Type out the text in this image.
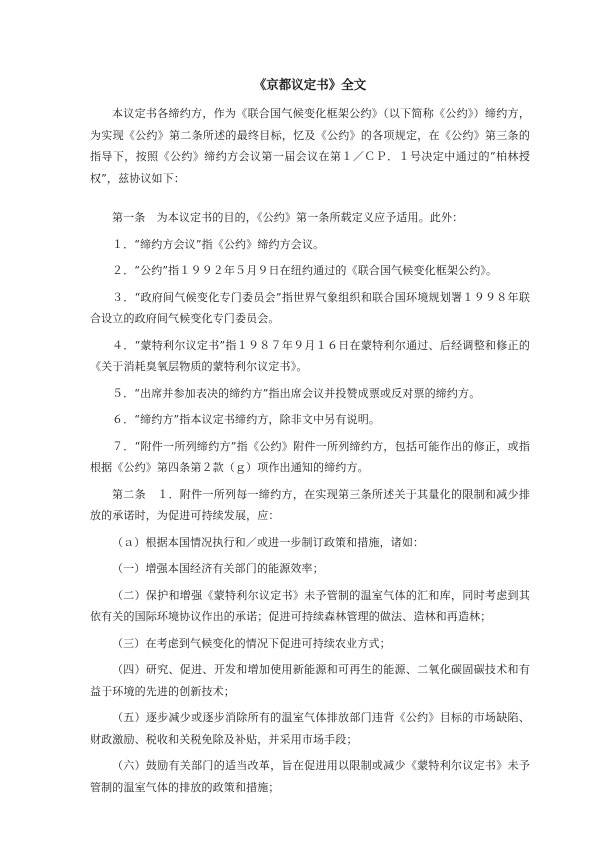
《京都议定书》全文

本议定书各缔约方，作为《联合国气候变化框架公约》（以下简称《公约》）缔约方，为实现《公约》第二条所述的最终目标，忆及《公约》的各项规定，在《公约》第三条的指导下，按照《公约》缔约方会议第一届会议在第１／ＣＰ．１号决定中通过的“柏林授权”，兹协议如下：

第一条　为本议定书的目的，《公约》第一条所载定义应予适用。此外：

１．“缔约方会议”指《公约》缔约方会议。

２．“公约”指１９９２年５月９日在纽约通过的《联合国气候变化框架公约》。

３．“政府间气候变化专门委员会”指世界气象组织和联合国环境规划署１９９８年联合设立的政府间气候变化专门委员会。

４．“蒙特利尔议定书”指１９８７年９月１６日在蒙特利尔通过、后经调整和修正的《关于消耗臭氧层物质的蒙特利尔议定书》。

５．“出席并参加表决的缔约方”指出席会议并投赞成票或反对票的缔约方。

６．“缔约方”指本议定书缔约方，除非文中另有说明。

７．“附件一所列缔约方”指《公约》附件一所列缔约方，包括可能作出的修正，或指根据《公约》第四条第２款（ｇ）项作出通知的缔约方。

第二条　１．附件一所列每一缔约方，在实现第三条所述关于其量化的限制和减少排放的承诺时，为促进可持续发展，应：

（ａ）根据本国情况执行和／或进一步制订政策和措施，诸如：

（一）增强本国经济有关部门的能源效率；

（二）保护和增强《蒙特利尔议定书》未予管制的温室气体的汇和库，同时考虑到其依有关的国际环境协议作出的承诺；促进可持续森林管理的做法、造林和再造林；

（三）在考虑到气候变化的情况下促进可持续农业方式；

（四）研究、促进、开发和增加使用新能源和可再生的能源、二氧化碳固碳技术和有益于环境的先进的创新技术；

（五）逐步减少或逐步消除所有的温室气体排放部门违背《公约》目标的市场缺陷、财政激励、税收和关税免除及补贴，并采用市场手段；

（六）鼓励有关部门的适当改革，旨在促进用以限制或减少《蒙特利尔议定书》未予管制的温室气体的排放的政策和措施；
